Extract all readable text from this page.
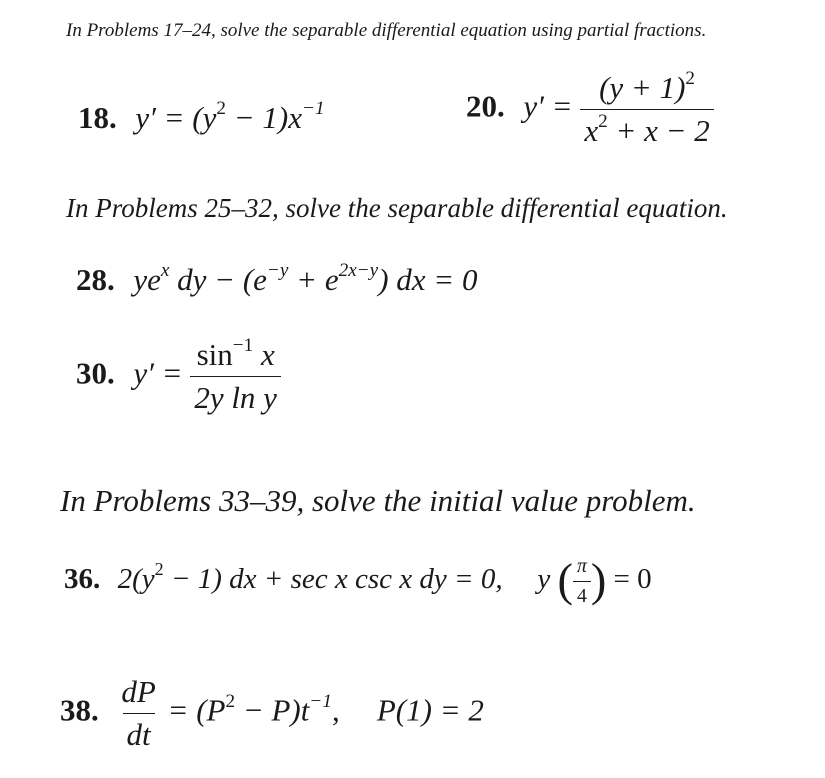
In Problems 17–24, solve the separable differential equation using partial fractions.
18. $y' = (y^2 - 1)x^{-1}$	20. $y' = \frac{(y + 1)^2}{x^2 + x - 2}$
In Problems 25–32, solve the separable differential equation.
28. $ye^x$ dy − $(e^{-y} + e^{2x-y})$ dx = 0
30. $y' = \frac{\sin^{-1} x}{\text{2y ln y}}$
In Problems 33–39, solve the initial value problem.
36. $2(y^2 - 1)$ dx + sec x csc x dy = 0, y ( $\frac{\pi}{4}$ ) = 0
38. $\frac{dP}{dt} = (P^2 - P)t^{-1}$, P(1) = 2
